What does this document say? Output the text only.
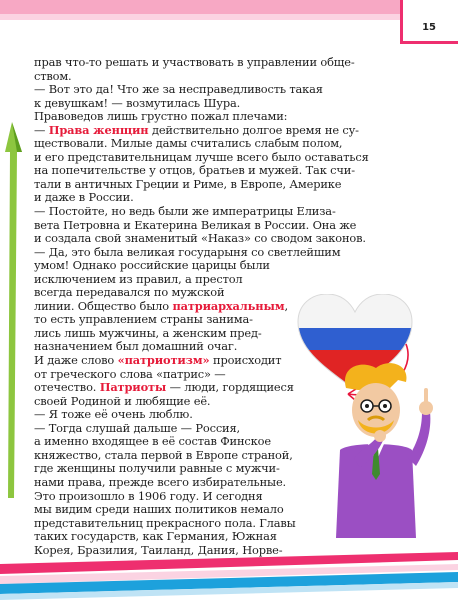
15
прав что-то решать и участвовать в управлении обще-
ством.
— Вот это да! Что же за несправедливость такая
к девушкам! — возмутилась Шура.
Правоведов лишь грустно пожал плечами:
— Права женщин действительно долгое время не су-
ществовали. Милые дамы считались слабым полом,
и его представительницам лучше всего было оставаться
на попечительстве у отцов, братьев и мужей. Так счи-
тали в античных Греции и Риме, в Европе, Америке
и даже в России.
— Постойте, но ведь были же императрицы Елиза-
вета Петровна и Екатерина Великая в России. Она же
и создала свой знаменитый «Наказ» со сводом законов.
— Да, это была великая государыня со светлейшим
умом! Однако российские царицы были
исключением из правил, а престол
всегда передавался по мужской
линии. Общество было патриархальным,
то есть управлением страны занима-
лись лишь мужчины, а женским пред-
назначением был домашний очаг.
И даже слово «патриотизм» происходит
от греческого слова «патрис» —
отечество. Патриоты — люди, гордящиеся
своей Родиной и любящие её.
— Я тоже её очень люблю.
— Тогда слушай дальше — Россия,
а именно входящее в её состав Финское
княжество, стала первой в Европе страной,
где женщины получили равные с мужчи-
нами права, прежде всего избирательные.
Это произошло в 1906 году. И сегодня
мы видим среди наших политиков немало
представительниц прекрасного пола. Главы
таких государств, как Германия, Южная
Корея, Бразилия, Таиланд, Дания, Норве-
